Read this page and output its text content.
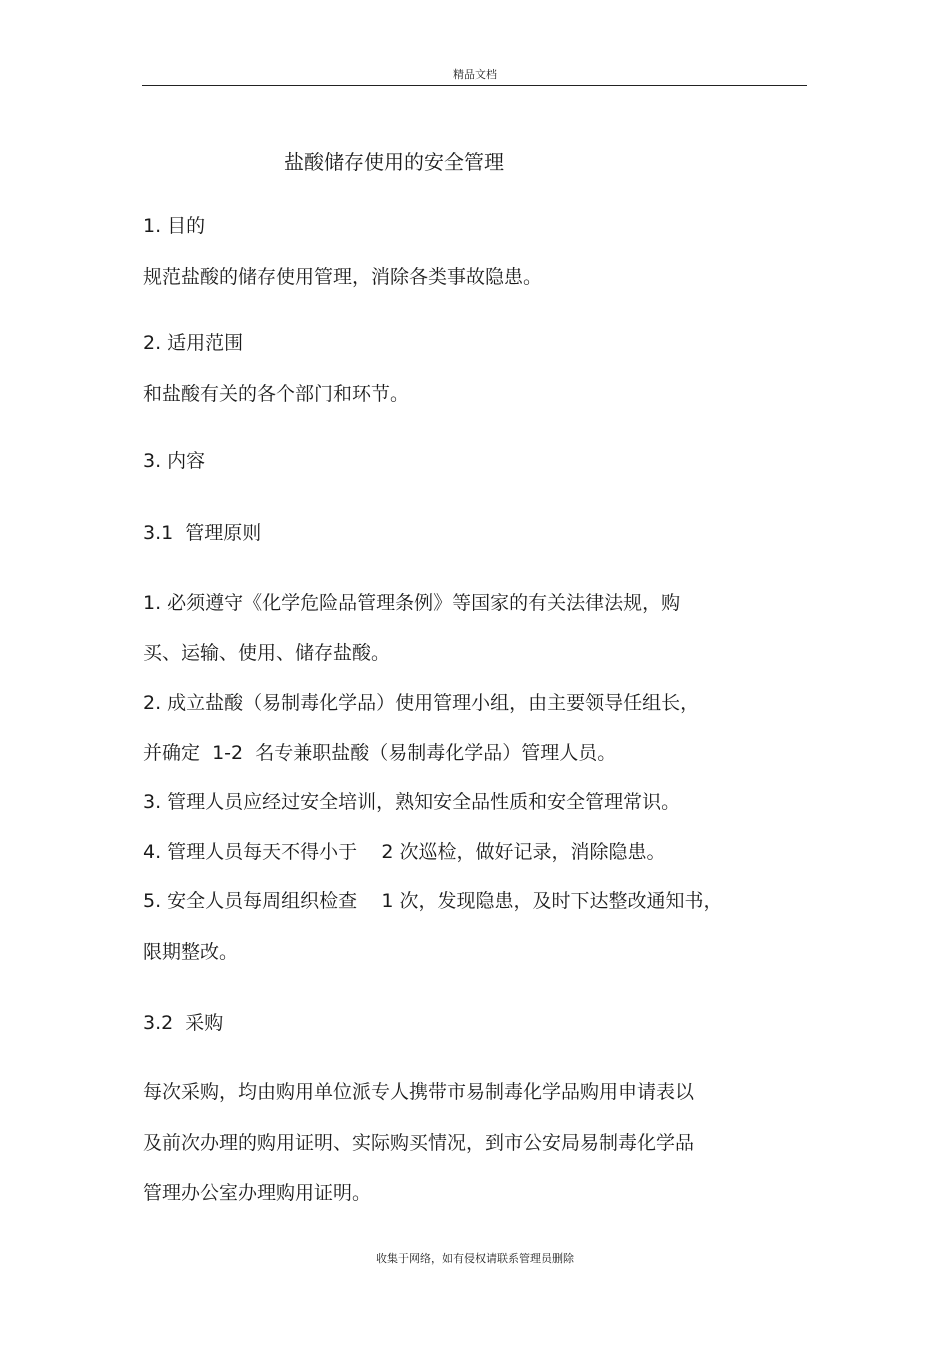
精品文档
盐酸储存使用的安全管理
1. 目的
规范盐酸的储存使用管理，消除各类事故隐患。
2. 适用范围
和盐酸有关的各个部门和环节。
3. 内容
3.1  管理原则
1. 必须遵守《化学危险品管理条例》等国家的有关法律法规，购
买、运输、使用、储存盐酸。
2. 成立盐酸（易制毒化学品）使用管理小组，由主要领导任组长，
并确定  1-2  名专兼职盐酸（易制毒化学品）管理人员。
3. 管理人员应经过安全培训，熟知安全品性质和安全管理常识。
4. 管理人员每天不得小于    2 次巡检，做好记录，消除隐患。
5. 安全人员每周组织检查    1 次，发现隐患，及时下达整改通知书，
限期整改。
3.2  采购
每次采购，均由购用单位派专人携带市易制毒化学品购用申请表以
及前次办理的购用证明、实际购买情况，到市公安局易制毒化学品
管理办公室办理购用证明。
收集于网络，如有侵权请联系管理员删除
